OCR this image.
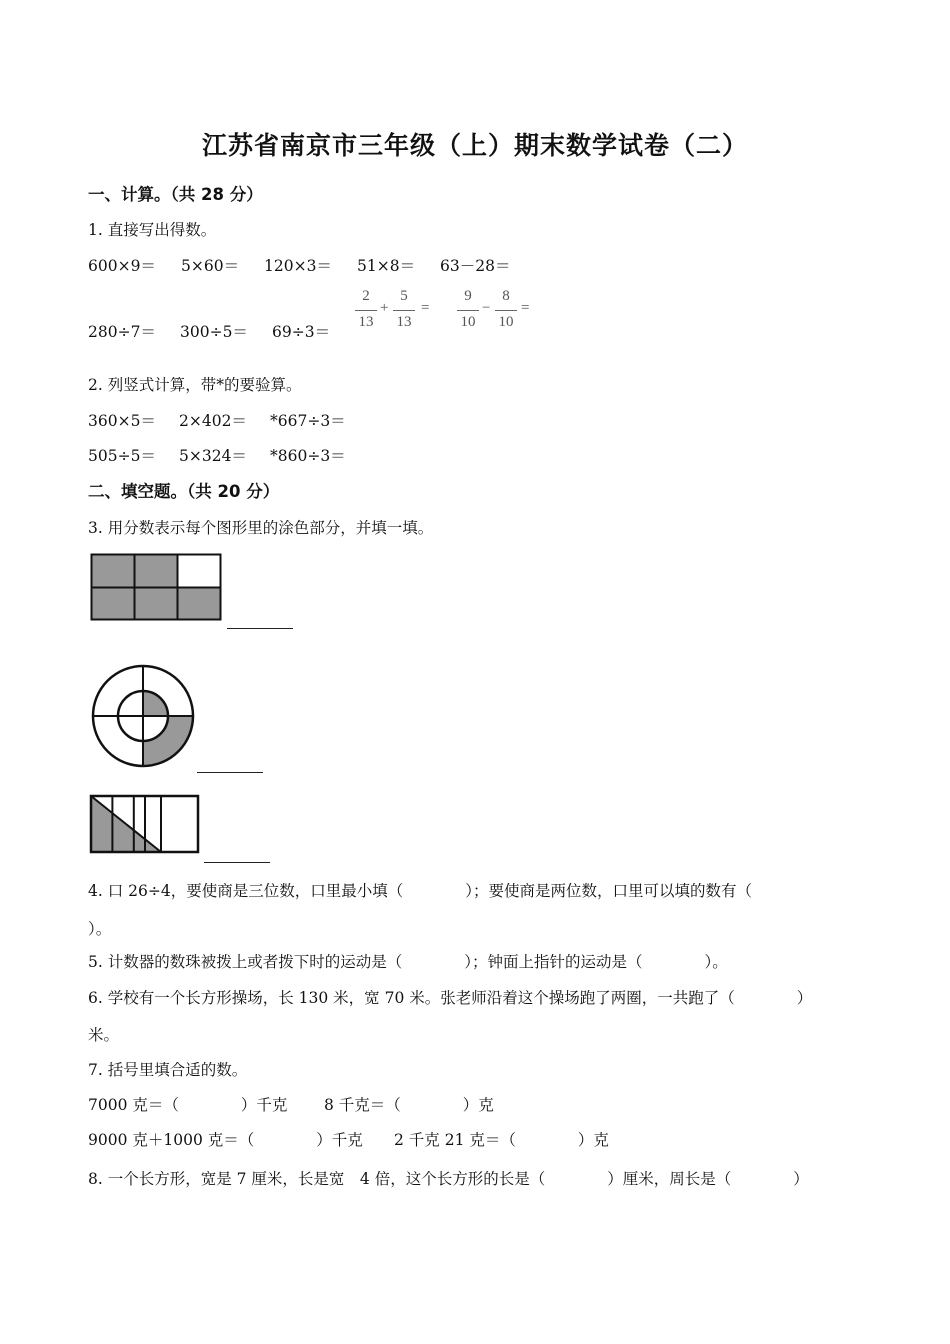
江苏省南京市三年级（上）期末数学试卷（二）
一、计算。（共 28 分）
1. 直接写出得数。
600×9＝ 5×60＝ 120×3＝ 51×8＝ 63－28＝
280÷7＝ 300÷5＝ 69÷3＝
2
13
+
5
13
=
9
10
−
8
10
=
2. 列竖式计算，带*的要验算。
360×5＝ 2×402＝ *667÷3＝
505÷5＝ 5×324＝ *860÷3＝
二、填空题。（共 20 分）
3. 用分数表示每个图形里的涂色部分，并填一填。
4. 口 26÷4，要使商是三位数，口里最小填（　　　　）；要使商是两位数，口里可以填的数有（
）。
5. 计数器的数珠被拨上或者拨下时的运动是（　　　　）；钟面上指针的运动是（　　　　）。
6. 学校有一个长方形操场，长 130 米，宽 70 米。张老师沿着这个操场跑了两圈，一共跑了（　　　　）
米。
7. 括号里填合适的数。
7000 克＝（　　　　）千克 8 千克＝（　　　　）克
9000 克＋1000 克＝（　　　　）千克 2 千克 21 克＝（　　　　）克
8. 一个长方形，宽是 7 厘米，长是宽　4 倍，这个长方形的长是（　　　　）厘米，周长是（　　　　）
